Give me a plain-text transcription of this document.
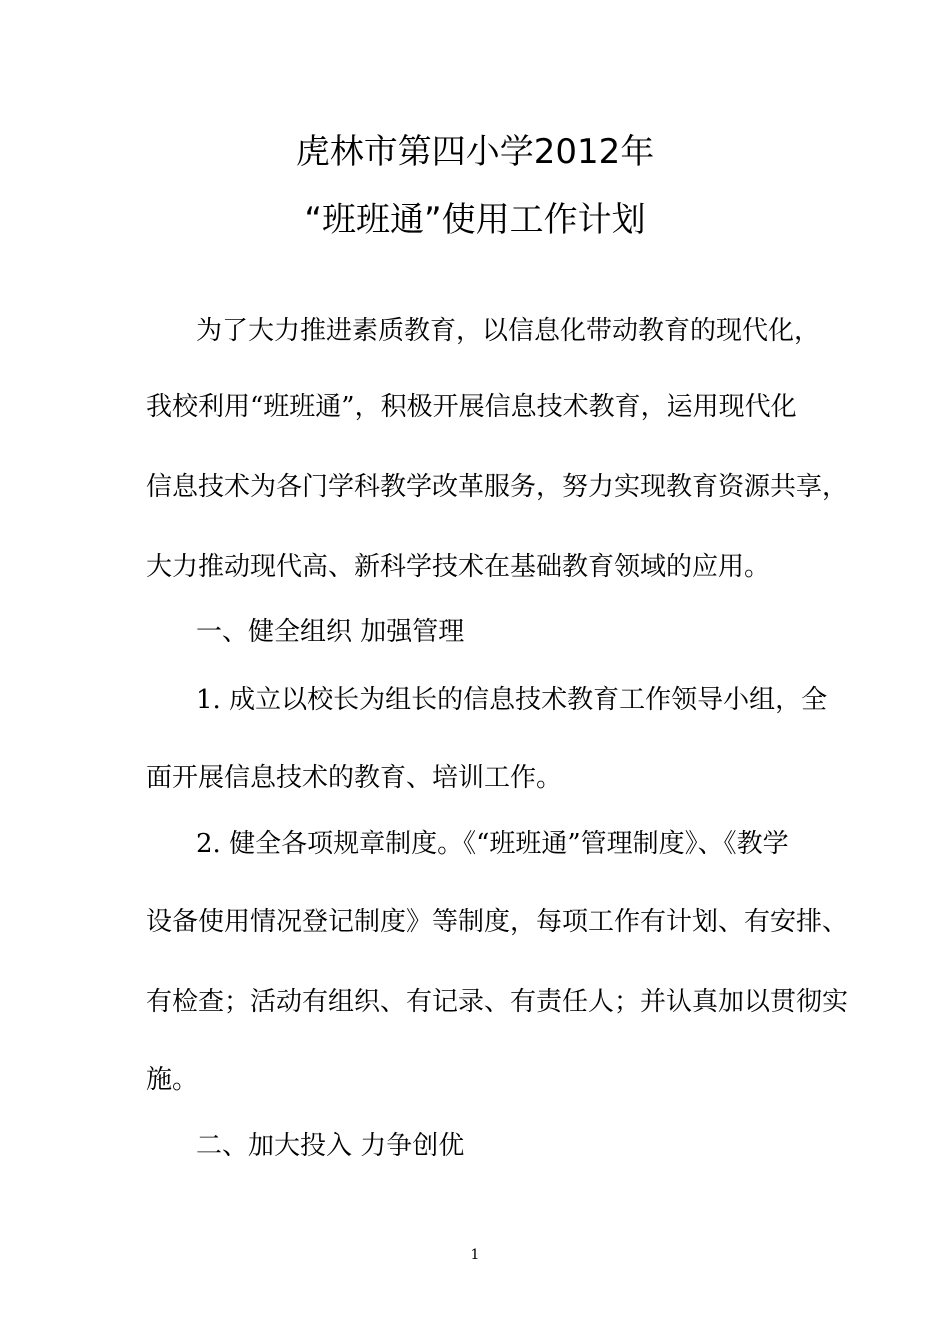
虎林市第四小学2012年
“班班通”使用工作计划
为了大力推进素质教育，以信息化带动教育的现代化，
我校利用“班班通”，积极开展信息技术教育，运用现代化
信息技术为各门学科教学改革服务，努力实现教育资源共享，
大力推动现代高、新科学技术在基础教育领域的应用。
一、健全组织 加强管理
1. 成立以校长为组长的信息技术教育工作领导小组，全
面开展信息技术的教育、培训工作。
2. 健全各项规章制度。《“班班通”管理制度》、《教学
设备使用情况登记制度》等制度，每项工作有计划、有安排、
有检查；活动有组织、有记录、有责任人；并认真加以贯彻实
施。
二、加大投入 力争创优
1
